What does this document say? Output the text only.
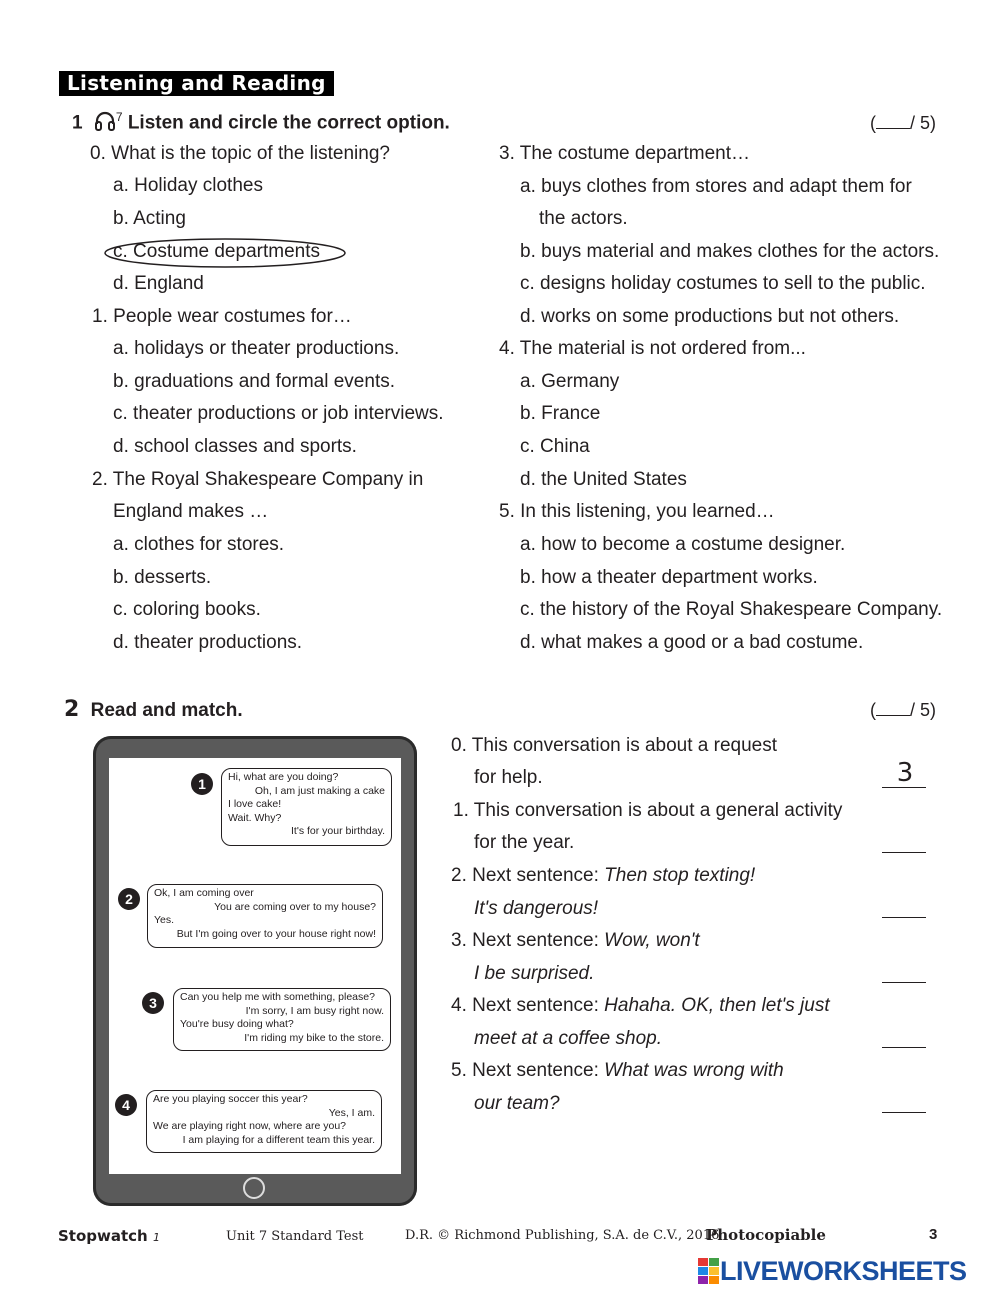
Listening and Reading
1	$^7$ Listen and circle the correct option.	( / 5)
0. What is the topic of the listening?
a. Holiday clothes
b. Acting
c. Costume departments
d. England
1. People wear costumes for…
a. holidays or theater productions.
b. graduations and formal events.
c. theater productions or job interviews.
d. school classes and sports.
2. The Royal Shakespeare Company in
England makes …
a. clothes for stores.
b. desserts.
c. coloring books.
d. theater productions.
3. The costume department…
a. buys clothes from stores and adapt them for
the actors.
b. buys material and makes clothes for the actors.
c. designs holiday costumes to sell to the public.
d. works on some productions but not others.
4. The material is not ordered from...
a. Germany
b. France
c. China
d. the United States
5. In this listening, you learned…
a. how to become a costume designer.
b. how a theater department works.
c. the history of the Royal Shakespeare Company.
d. what makes a good or a bad costume.
2 Read and match.	( / 5)
1	Hi, what are you doing?
Oh, I am just making a cake
I love cake!
Wait. Why?
It's for your birthday.
2	Ok, I am coming over
You are coming over to my house?
Yes.
But I'm going over to your house right now!
3	Can you help me with something, please?
I'm sorry, I am busy right now.
You're busy doing what?
I'm riding my bike to the store.
4	Are you playing soccer this year?
Yes, I am.
We are playing right now, where are you?
I am playing for a different team this year.
0. This conversation is about a request
for help.	3
1. This conversation is about a general activity
for the year.
2. Next sentence: Then stop texting!
It's dangerous!
3. Next sentence: Wow, won't
I be surprised.
4. Next sentence: Hahaha. OK, then let's just
meet at a coffee shop.
5. Next sentence: What was wrong with
our team?
Stopwatch 1	Unit 7 Standard Test	D.R. © Richmond Publishing, S.A. de C.V., 2016
Photocopiable	3
LIVEWORKSHEETS
